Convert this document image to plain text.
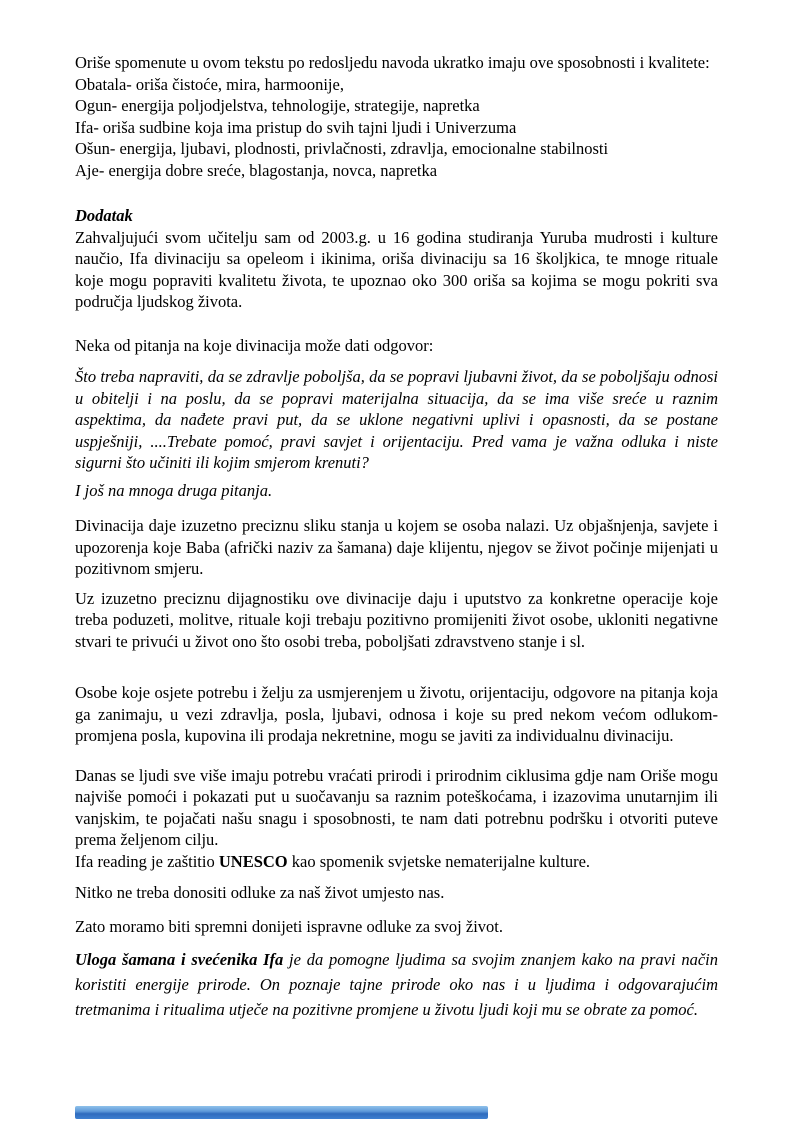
Oriše spomenute u ovom tekstu po redosljedu navoda ukratko imaju ove sposobnosti i kvalitete:

Obatala- oriša čistoće, mira, harmoonije,
Ogun- energija poljodjelstva, tehnologije, strategije, napretka
Ifa- oriša sudbine koja ima pristup do svih tajni ljudi i Univerzuma
Ošun- energija, ljubavi, plodnosti, privlačnosti, zdravlja, emocionalne stabilnosti
Aje- energija dobre sreće, blagostanja, novca, napretka

Dodatak

Zahvaljujući svom učitelju sam od 2003.g. u 16 godina studiranja Yuruba mudrosti i kulture naučio, Ifa divinaciju sa opeleom i ikinima, oriša divinaciju sa 16 školjkica, te mnoge rituale koje mogu popraviti kvalitetu života, te upoznao oko 300 oriša sa kojima se mogu pokriti sva područja ljudskog života.

Neka od pitanja na koje divinacija može dati odgovor:

Što treba napraviti, da se zdravlje poboljša, da se popravi ljubavni život, da se poboljšaju odnosi u obitelji i na poslu, da se popravi materijalna situacija, da se ima više sreće u raznim aspektima, da nađete pravi put, da se uklone negativni uplivi i opasnosti, da se postane uspješniji, ....Trebate pomoć, pravi savjet i orijentaciju. Pred vama je važna odluka i niste sigurni što učiniti ili kojim smjerom krenuti?

I još na mnoga druga pitanja.

Divinacija daje izuzetno preciznu sliku stanja u kojem se osoba nalazi. Uz objašnjenja, savjete i upozorenja koje Baba (afrički naziv za šamana) daje klijentu, njegov se život počinje mijenjati u pozitivnom smjeru.

Uz izuzetno preciznu dijagnostiku ove divinacije daju i uputstvo za konkretne operacije koje treba poduzeti, molitve, rituale koji trebaju pozitivno promijeniti život osobe, ukloniti negativne stvari te privući u život ono što osobi treba, poboljšati zdravstveno stanje i sl.

Osobe koje osjete potrebu i želju za usmjerenjem u životu, orijentaciju, odgovore na pitanja koja ga zanimaju, u vezi zdravlja, posla, ljubavi, odnosa i koje su pred nekom većom odlukom- promjena posla, kupovina ili prodaja nekretnine, mogu se javiti za individualnu divinaciju.

Danas se ljudi sve više imaju potrebu vraćati prirodi i prirodnim ciklusima gdje nam Oriše mogu najviše pomoći i pokazati put u suočavanju sa raznim poteškoćama, i izazovima unutarnjim ili vanjskim, te pojačati našu snagu i sposobnosti, te nam dati potrebnu podršku i otvoriti puteve prema željenom cilju.

Ifa reading je zaštitio UNESCO kao spomenik svjetske nematerijalne kulture.

Nitko ne treba donositi odluke za naš život umjesto nas.

Zato moramo biti spremni donijeti ispravne odluke za svoj život.

Uloga šamana i svećenika Ifa je da pomogne ljudima sa svojim znanjem kako na pravi način koristiti energije prirode. On poznaje tajne prirode oko nas i u ljudima i odgovarajućim tretmanima i ritualima utječe na pozitivne promjene u životu ljudi koji mu se obrate za pomoć.
